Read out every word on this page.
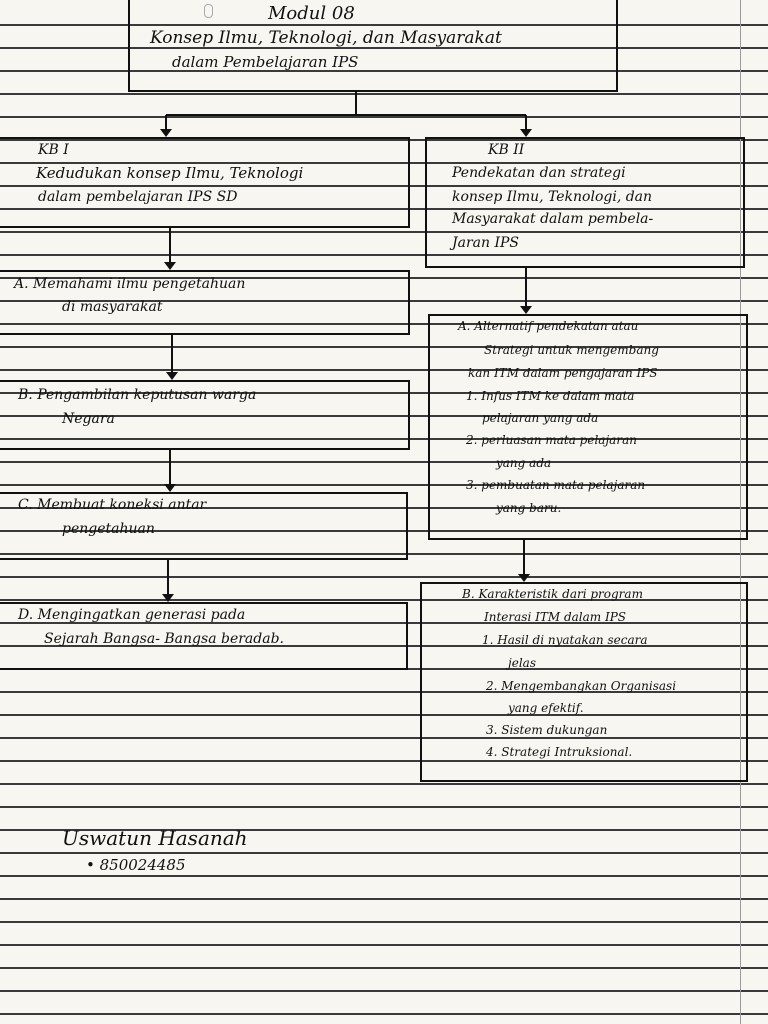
Modul 08
Konsep Ilmu, Teknologi, dan Masyarakat
dalam Pembelajaran IPS
KB I
Kedudukan konsep Ilmu, Teknologi
dalam pembelajaran IPS SD
KB II
Pendekatan dan strategi
konsep Ilmu, Teknologi, dan
Masyarakat dalam pembela-
Jaran IPS
A. Memahami ilmu pengetahuan
di masyarakat
B. Pengambilan keputusan warga
Negara
C. Membuat koneksi antar
pengetahuan
D. Mengingatkan generasi pada
Sejarah Bangsa- Bangsa beradab.
A. Alternatif pendekatan atau
Strategi untuk mengembang
kan ITM dalam pengajaran IPS
1. Infus ITM ke dalam mata
pelajaran yang ada
2. perluasan mata pelajaran
yang ada
3. pembuatan mata pelajaran
yang baru.
B. Karakteristik dari program
Interasi ITM dalam IPS
1. Hasil di nyatakan secara
jelas
2. Mengembangkan Organisasi
yang efektif.
3. Sistem dukungan
4. Strategi Intruksional.
Uswatun Hasanah
• 850024485
